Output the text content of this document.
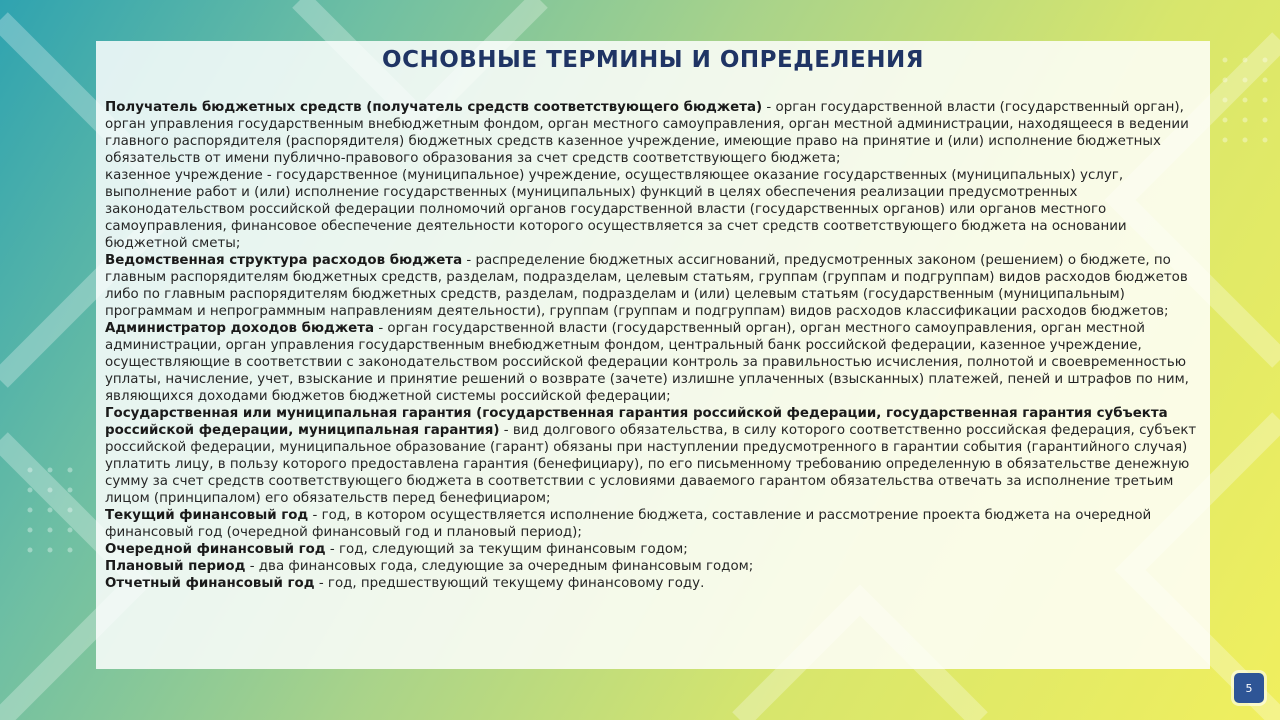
ОСНОВНЫЕ ТЕРМИНЫ И ОПРЕДЕЛЕНИЯ

Получатель бюджетных средств (получатель средств соответствующего бюджета) - орган государственной власти (государственный орган), орган управления государственным внебюджетным фондом, орган местного самоуправления, орган местной администрации, находящееся в ведении главного распорядителя (распорядителя) бюджетных средств казенное учреждение, имеющие право на принятие и (или) исполнение бюджетных обязательств от имени публично-правового образования за счет средств соответствующего бюджета;

казенное учреждение - государственное (муниципальное) учреждение, осуществляющее оказание государственных (муниципальных) услуг, выполнение работ и (или) исполнение государственных (муниципальных) функций в целях обеспечения реализации предусмотренных законодательством российской федерации полномочий органов государственной власти (государственных органов) или органов местного самоуправления, финансовое обеспечение деятельности которого осуществляется за счет средств соответствующего бюджета на основании бюджетной сметы;

Ведомственная структура расходов бюджета - распределение бюджетных ассигнований, предусмотренных законом (решением) о бюджете, по главным распорядителям бюджетных средств, разделам, подразделам, целевым статьям, группам (группам и подгруппам) видов расходов бюджетов либо по главным распорядителям бюджетных средств, разделам, подразделам и (или) целевым статьям (государственным (муниципальным) программам и непрограммным направлениям деятельности), группам (группам и подгруппам) видов расходов классификации расходов бюджетов;

Администратор доходов бюджета - орган государственной власти (государственный орган), орган местного самоуправления, орган местной администрации, орган управления государственным внебюджетным фондом, центральный банк российской федерации, казенное учреждение, осуществляющие в соответствии с законодательством российской федерации контроль за правильностью исчисления, полнотой и своевременностью уплаты, начисление, учет, взыскание и принятие решений о возврате (зачете) излишне уплаченных (взысканных) платежей, пеней и штрафов по ним, являющихся доходами бюджетов бюджетной системы российской федерации;

Государственная или муниципальная гарантия (государственная гарантия российской федерации, государственная гарантия субъекта российской федерации, муниципальная гарантия) - вид долгового обязательства, в силу которого соответственно российская федерация, субъект российской федерации, муниципальное образование (гарант) обязаны при наступлении предусмотренного в гарантии события (гарантийного случая) уплатить лицу, в пользу которого предоставлена гарантия (бенефициару), по его письменному требованию определенную в обязательстве денежную сумму за счет средств соответствующего бюджета в соответствии с условиями даваемого гарантом обязательства отвечать за исполнение третьим лицом (принципалом) его обязательств перед бенефициаром;

Текущий финансовый год - год, в котором осуществляется исполнение бюджета, составление и рассмотрение проекта бюджета на очередной финансовый год (очередной финансовый год и плановый период);

Очередной финансовый год - год, следующий за текущим финансовым годом;

Плановый период - два финансовых года, следующие за очередным финансовым годом;

Отчетный финансовый год - год, предшествующий текущему финансовому году.

5
